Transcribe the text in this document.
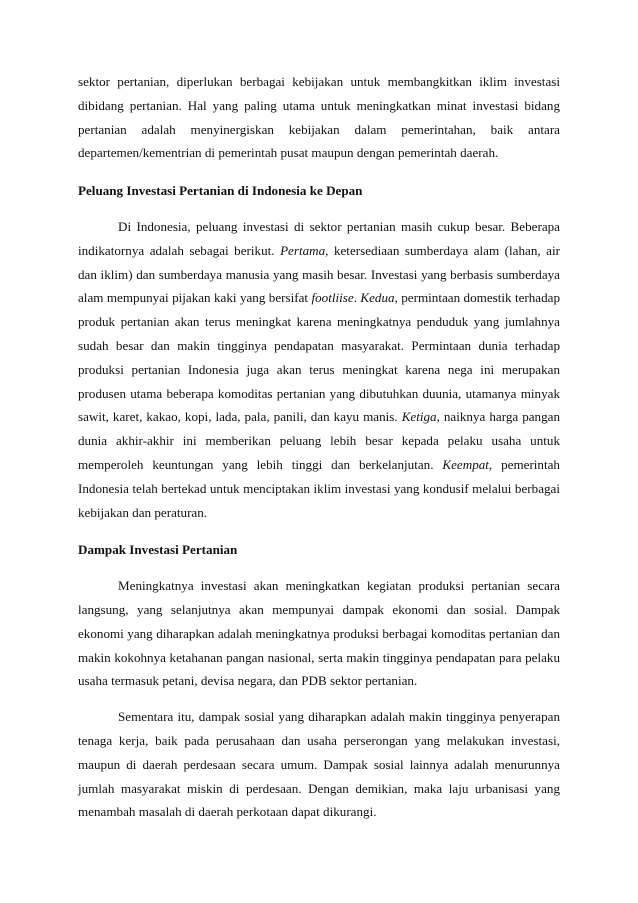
sektor pertanian, diperlukan berbagai kebijakan untuk membangkitkan iklim investasi dibidang pertanian. Hal yang paling utama untuk meningkatkan minat investasi bidang pertanian adalah menyinergiskan kebijakan dalam pemerintahan, baik antara departemen/kementrian di pemerintah pusat maupun dengan pemerintah daerah.

Peluang Investasi Pertanian di Indonesia ke Depan

Di Indonesia, peluang investasi di sektor pertanian masih cukup besar. Beberapa indikatornya adalah sebagai berikut. Pertama, ketersediaan sumberdaya alam (lahan, air dan iklim) dan sumberdaya manusia yang masih besar. Investasi yang berbasis sumberdaya alam mempunyai pijakan kaki yang bersifat footliise. Kedua, permintaan domestik terhadap produk pertanian akan terus meningkat karena meningkatnya penduduk yang jumlahnya sudah besar dan makin tingginya pendapatan masyarakat. Permintaan dunia terhadap produksi pertanian Indonesia juga akan terus meningkat karena nega ini merupakan produsen utama beberapa komoditas pertanian yang dibutuhkan duunia, utamanya minyak sawit, karet, kakao, kopi, lada, pala, panili, dan kayu manis. Ketiga, naiknya harga pangan dunia akhir-akhir ini memberikan peluang lebih besar kepada pelaku usaha untuk memperoleh keuntungan yang lebih tinggi dan berkelanjutan. Keempat, pemerintah Indonesia telah bertekad untuk menciptakan iklim investasi yang kondusif melalui berbagai kebijakan dan peraturan.

Dampak Investasi Pertanian

Meningkatnya investasi akan meningkatkan kegiatan produksi pertanian secara langsung, yang selanjutnya akan mempunyai dampak ekonomi dan sosial. Dampak ekonomi yang diharapkan adalah meningkatnya produksi berbagai komoditas pertanian dan makin kokohnya ketahanan pangan nasional, serta makin tingginya pendapatan para pelaku usaha termasuk petani, devisa negara, dan PDB sektor pertanian.

Sementara itu, dampak sosial yang diharapkan adalah makin tingginya penyerapan tenaga kerja, baik pada perusahaan dan usaha perserongan yang melakukan investasi, maupun di daerah perdesaan secara umum. Dampak sosial lainnya adalah menurunnya jumlah masyarakat miskin di perdesaan. Dengan demikian, maka laju urbanisasi yang menambah masalah di daerah perkotaan dapat dikurangi.
